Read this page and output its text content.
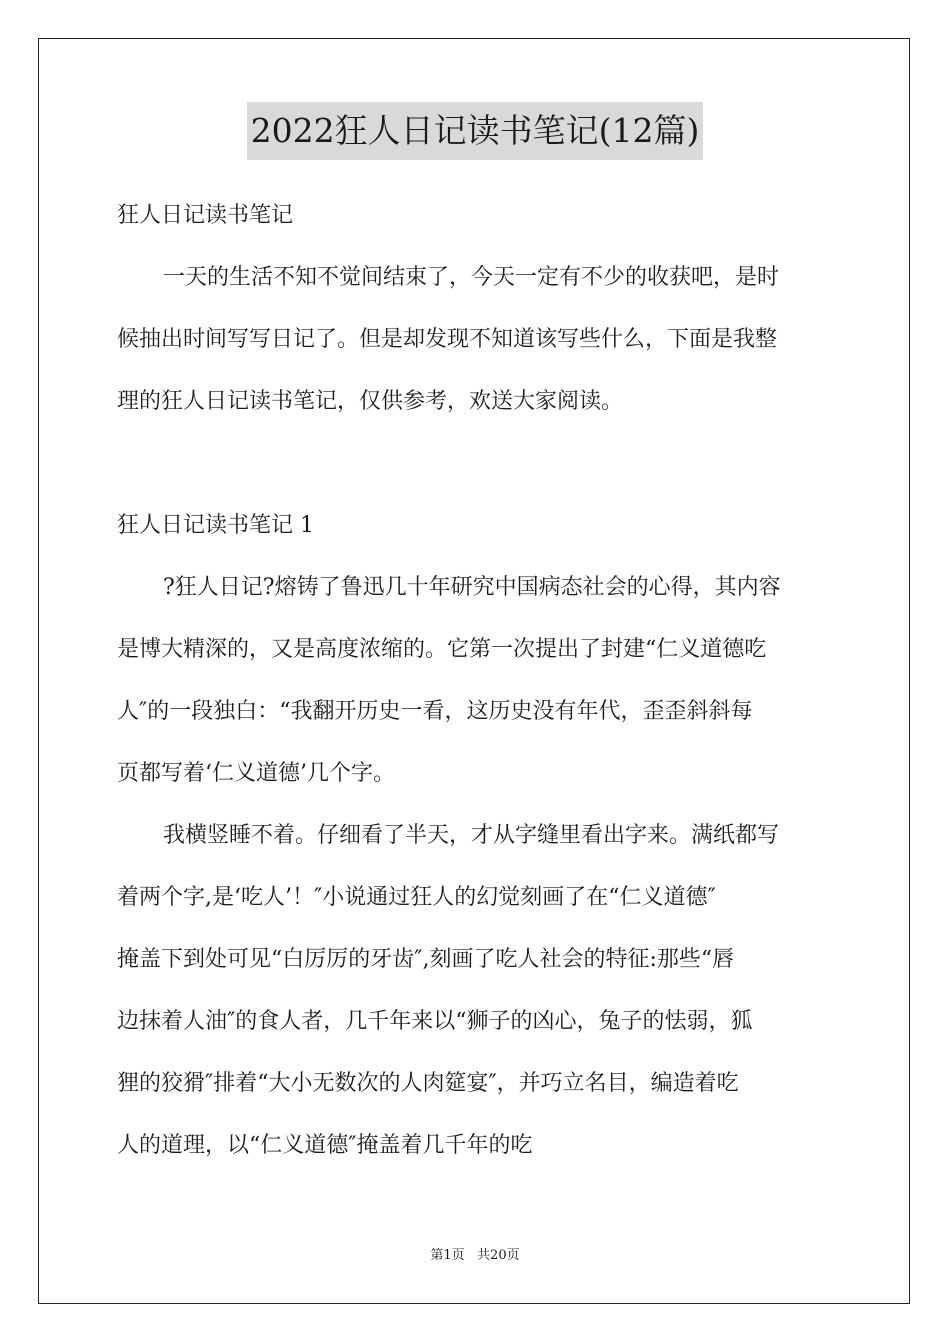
2022狂人日记读书笔记(12篇)
狂人日记读书笔记
一天的生活不知不觉间结束了，今天一定有不少的收获吧，是时
候抽出时间写写日记了。但是却发现不知道该写些什么，下面是我整
理的狂人日记读书笔记，仅供参考，欢送大家阅读。
狂人日记读书笔记 1
?狂人日记?熔铸了鲁迅几十年研究中国病态社会的心得，其内容
是博大精深的，又是高度浓缩的。它第一次提出了封建“仁义道德吃
人″的一段独白：“我翻开历史一看，这历史没有年代，歪歪斜斜每
页都写着‘仁义道德’几个字。
我横竖睡不着。仔细看了半天，才从字缝里看出字来。满纸都写
着两个字,是‘吃人’！″小说通过狂人的幻觉刻画了在“仁义道德″
掩盖下到处可见“白厉厉的牙齿″,刻画了吃人社会的特征:那些“唇
边抹着人油″的食人者，几千年来以“狮子的凶心，兔子的怯弱，狐
狸的狡猾″排着“大小无数次的人肉筵宴″，并巧立名目，编造着吃
人的道理，以“仁义道德″掩盖着几千年的吃
第1页   共20页
